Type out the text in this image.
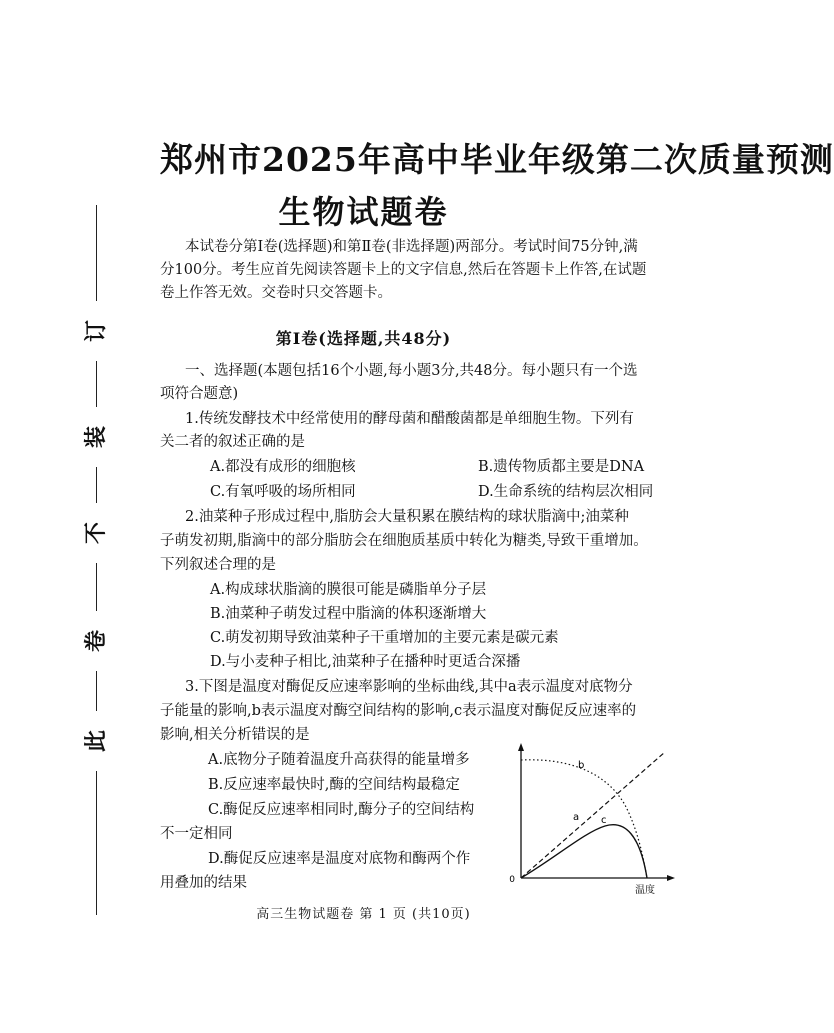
订
装
不
卷
此
郑州市2025年高中毕业年级第二次质量预测
生物试题卷
本试卷分第Ⅰ卷(选择题)和第Ⅱ卷(非选择题)两部分。考试时间75分钟,满
分100分。考生应首先阅读答题卡上的文字信息,然后在答题卡上作答,在试题
卷上作答无效。交卷时只交答题卡。
第Ⅰ卷(选择题,共48分)
一、选择题(本题包括16个小题,每小题3分,共48分。每小题只有一个选
项符合题意)
1.传统发酵技术中经常使用的酵母菌和醋酸菌都是单细胞生物。下列有
关二者的叙述正确的是
A.都没有成形的细胞核	B.遗传物质都主要是DNA
C.有氧呼吸的场所相同	D.生命系统的结构层次相同
2.油菜种子形成过程中,脂肪会大量积累在膜结构的球状脂滴中;油菜种
子萌发初期,脂滴中的部分脂肪会在细胞质基质中转化为糖类,导致干重增加。
下列叙述合理的是
A.构成球状脂滴的膜很可能是磷脂单分子层
B.油菜种子萌发过程中脂滴的体积逐渐增大
C.萌发初期导致油菜种子干重增加的主要元素是碳元素
D.与小麦种子相比,油菜种子在播种时更适合深播
3.下图是温度对酶促反应速率影响的坐标曲线,其中a表示温度对底物分
子能量的影响,b表示温度对酶空间结构的影响,c表示温度对酶促反应速率的
影响,相关分析错误的是
A.底物分子随着温度升高获得的能量增多
B.反应速率最快时,酶的空间结构最稳定
C.酶促反应速率相同时,酶分子的空间结构
不一定相同
D.酶促反应速率是温度对底物和酶两个作
用叠加的结果	0
a
b
c
温度
高三生物试题卷 第 1 页 (共10页)
